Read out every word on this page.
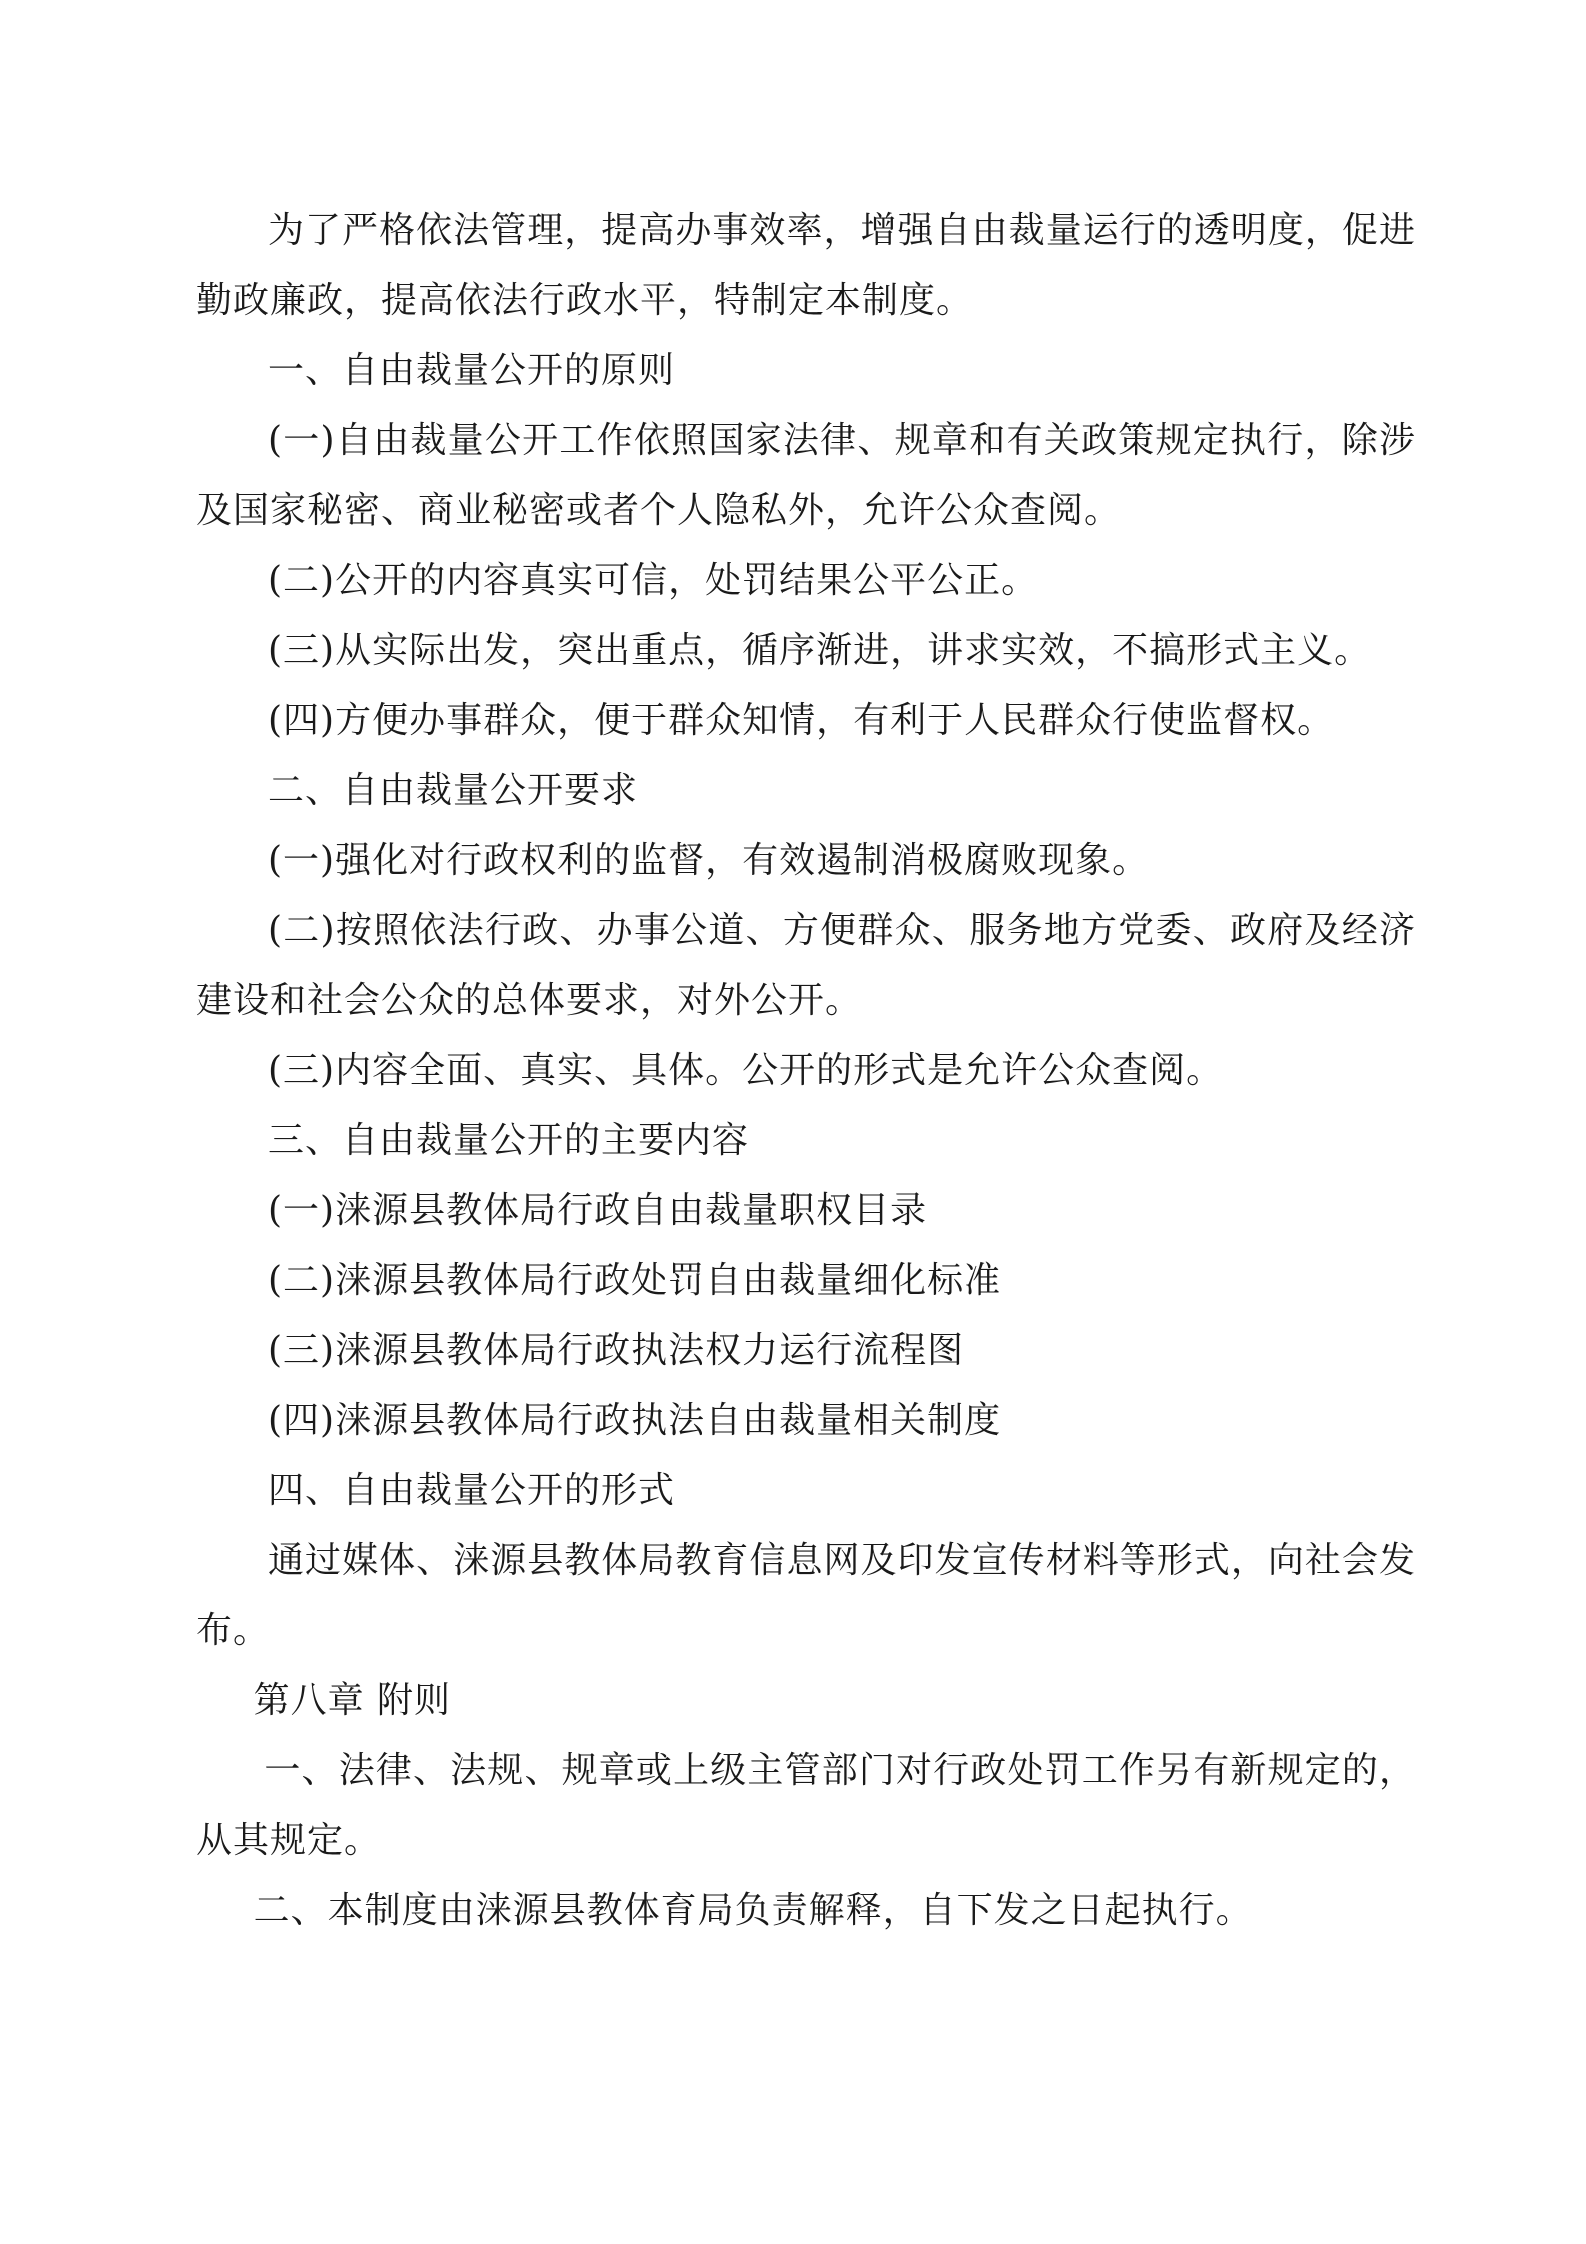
为了严格依法管理，提高办事效率，增强自由裁量运行的透明度，促进勤政廉政，提高依法行政水平，特制定本制度。

一、自由裁量公开的原则

(一)自由裁量公开工作依照国家法律、规章和有关政策规定执行，除涉及国家秘密、商业秘密或者个人隐私外，允许公众查阅。

(二)公开的内容真实可信，处罚结果公平公正。

(三)从实际出发，突出重点，循序渐进，讲求实效，不搞形式主义。

(四)方便办事群众，便于群众知情，有利于人民群众行使监督权。

二、自由裁量公开要求

(一)强化对行政权利的监督，有效遏制消极腐败现象。

(二)按照依法行政、办事公道、方便群众、服务地方党委、政府及经济建设和社会公众的总体要求，对外公开。

(三)内容全面、真实、具体。公开的形式是允许公众查阅。

三、自由裁量公开的主要内容

(一)涞源县教体局行政自由裁量职权目录

(二)涞源县教体局行政处罚自由裁量细化标准

(三)涞源县教体局行政执法权力运行流程图

(四)涞源县教体局行政执法自由裁量相关制度

四、自由裁量公开的形式

通过媒体、涞源县教体局教育信息网及印发宣传材料等形式，向社会发布。

第八章 附则

一、法律、法规、规章或上级主管部门对行政处罚工作另有新规定的，从其规定。

二、本制度由涞源县教体育局负责解释，自下发之日起执行。
